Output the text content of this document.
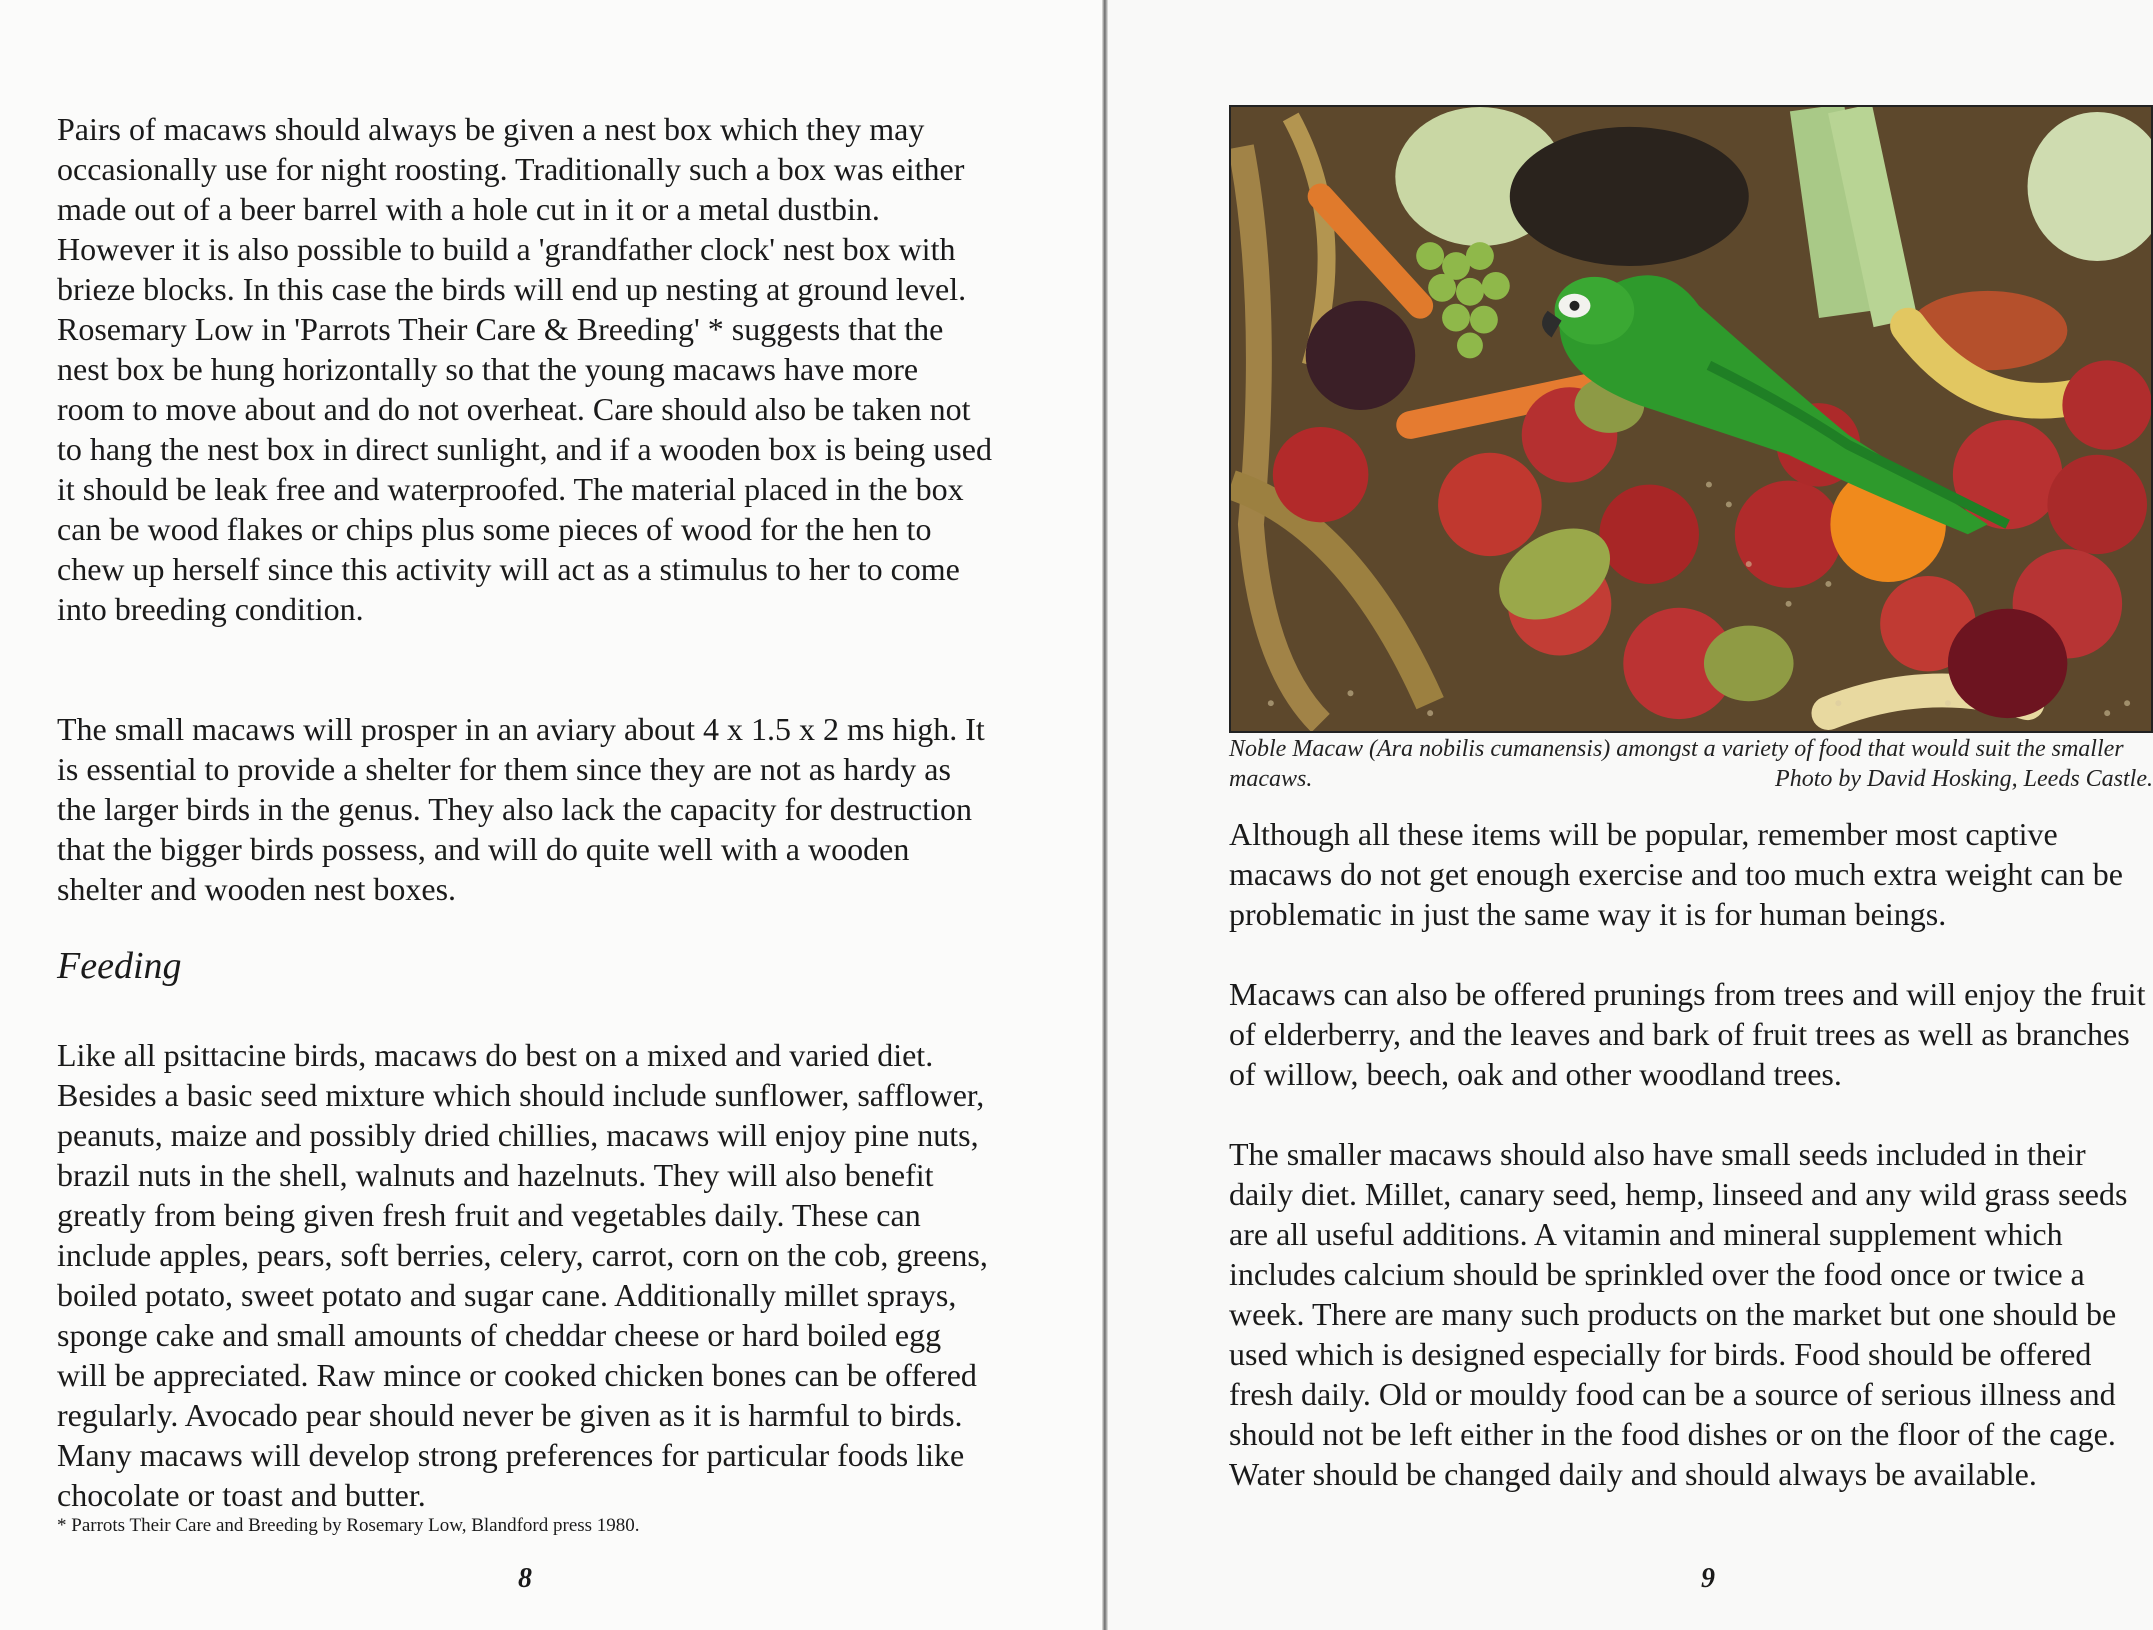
Pairs of macaws should always be given a nest box which they may occasionally use for night roosting. Traditionally such a box was either made out of a beer barrel with a hole cut in it or a metal dustbin. However it is also possible to build a 'grandfather clock' nest box with brieze blocks. In this case the birds will end up nesting at ground level. Rosemary Low in 'Parrots Their Care & Breeding' * suggests that the nest box be hung horizontally so that the young macaws have more room to move about and do not overheat. Care should also be taken not to hang the nest box in direct sunlight, and if a wooden box is being used it should be leak free and waterproofed. The material placed in the box can be wood flakes or chips plus some pieces of wood for the hen to chew up herself since this activity will act as a stimulus to her to come into breeding condition.

The small macaws will prosper in an aviary about 4 x 1.5 x 2 ms high. It is essential to provide a shelter for them since they are not as hardy as the larger birds in the genus. They also lack the capacity for destruction that the bigger birds possess, and will do quite well with a wooden shelter and wooden nest boxes.

Feeding

Like all psittacine birds, macaws do best on a mixed and varied diet. Besides a basic seed mixture which should include sunflower, safflower, peanuts, maize and possibly dried chillies, macaws will enjoy pine nuts, brazil nuts in the shell, walnuts and hazelnuts. They will also benefit greatly from being given fresh fruit and vegetables daily. These can include apples, pears, soft berries, celery, carrot, corn on the cob, greens, boiled potato, sweet potato and sugar cane. Additionally millet sprays, sponge cake and small amounts of cheddar cheese or hard boiled egg will be appreciated. Raw mince or cooked chicken bones can be offered regularly. Avocado pear should never be given as it is harmful to birds. Many macaws will develop strong preferences for particular foods like chocolate or toast and butter.

* Parrots Their Care and Breeding by Rosemary Low, Blandford press 1980.
8
Noble Macaw (Ara nobilis cumanensis) amongst a variety of food that would suit the smaller macaws.	Photo by David Hosking, Leeds Castle.

Although all these items will be popular, remember most captive macaws do not get enough exercise and too much extra weight can be problematic in just the same way it is for human beings.

Macaws can also be offered prunings from trees and will enjoy the fruit of elderberry, and the leaves and bark of fruit trees as well as branches of willow, beech, oak and other woodland trees.

The smaller macaws should also have small seeds included in their daily diet. Millet, canary seed, hemp, linseed and any wild grass seeds are all useful additions. A vitamin and mineral supplement which includes calcium should be sprinkled over the food once or twice a week. There are many such products on the market but one should be used which is designed especially for birds. Food should be offered fresh daily. Old or mouldy food can be a source of serious illness and should not be left either in the food dishes or on the floor of the cage. Water should be changed daily and should always be available.

9
